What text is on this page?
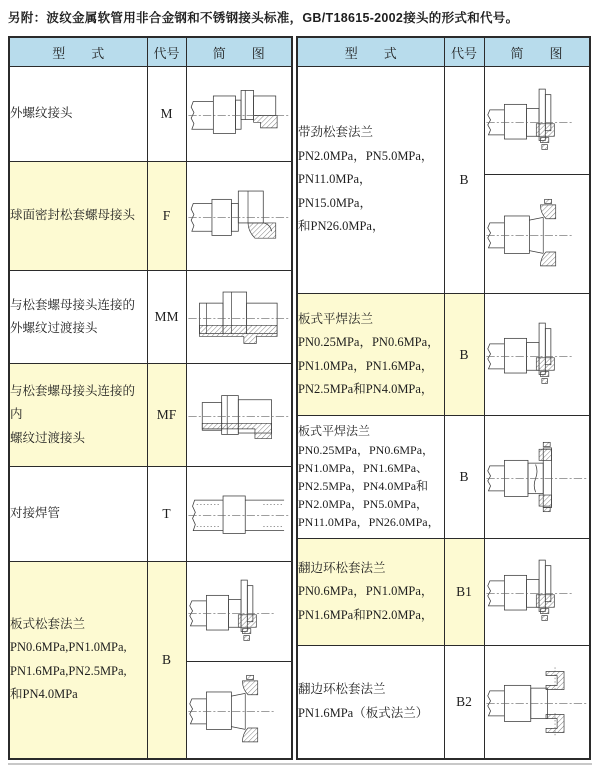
另附：波纹金属软管用非合金钢和不锈钢接头标准，GB/T18615-2002接头的形式和代号。
型　　式	代号	简　　图

外螺纹接头	M	

球面密封松套螺母接头	F	

与松套螺母接头连接的
外螺纹过渡接头	MM	

与松套螺母接头连接的内
螺纹过渡接头	MF	

对接焊管	T	

板式松套法兰
PN0.6MPa,PN1.0MPa,
PN1.6MPa,PN2.5MPa,
和PN4.0MPa	B	

型　　式	代号	简　　图

带劲松套法兰
PN2.0MPa，PN5.0MPa，
PN11.0MPa，PN15.0MPa，
和PN26.0MPa，	B	

板式平焊法兰
PN0.25MPa，PN0.6MPa，
PN1.0MPa，PN1.6MPa，
PN2.5MPa和PN4.0MPa，	B	

板式平焊法兰
PN0.25MPa，PN0.6MPa，
PN1.0MPa，PN1.6MPa、
PN2.5MPa，PN4.0MPa和
PN2.0MPa，PN5.0MPa，
PN11.0MPa，PN26.0MPa，
	B	

翻边环松套法兰
PN0.6MPa，PN1.0MPa，
PN1.6MPa和PN2.0MPa，	B1	

翻边环松套法兰
PN1.6MPa（板式法兰）	B2	
